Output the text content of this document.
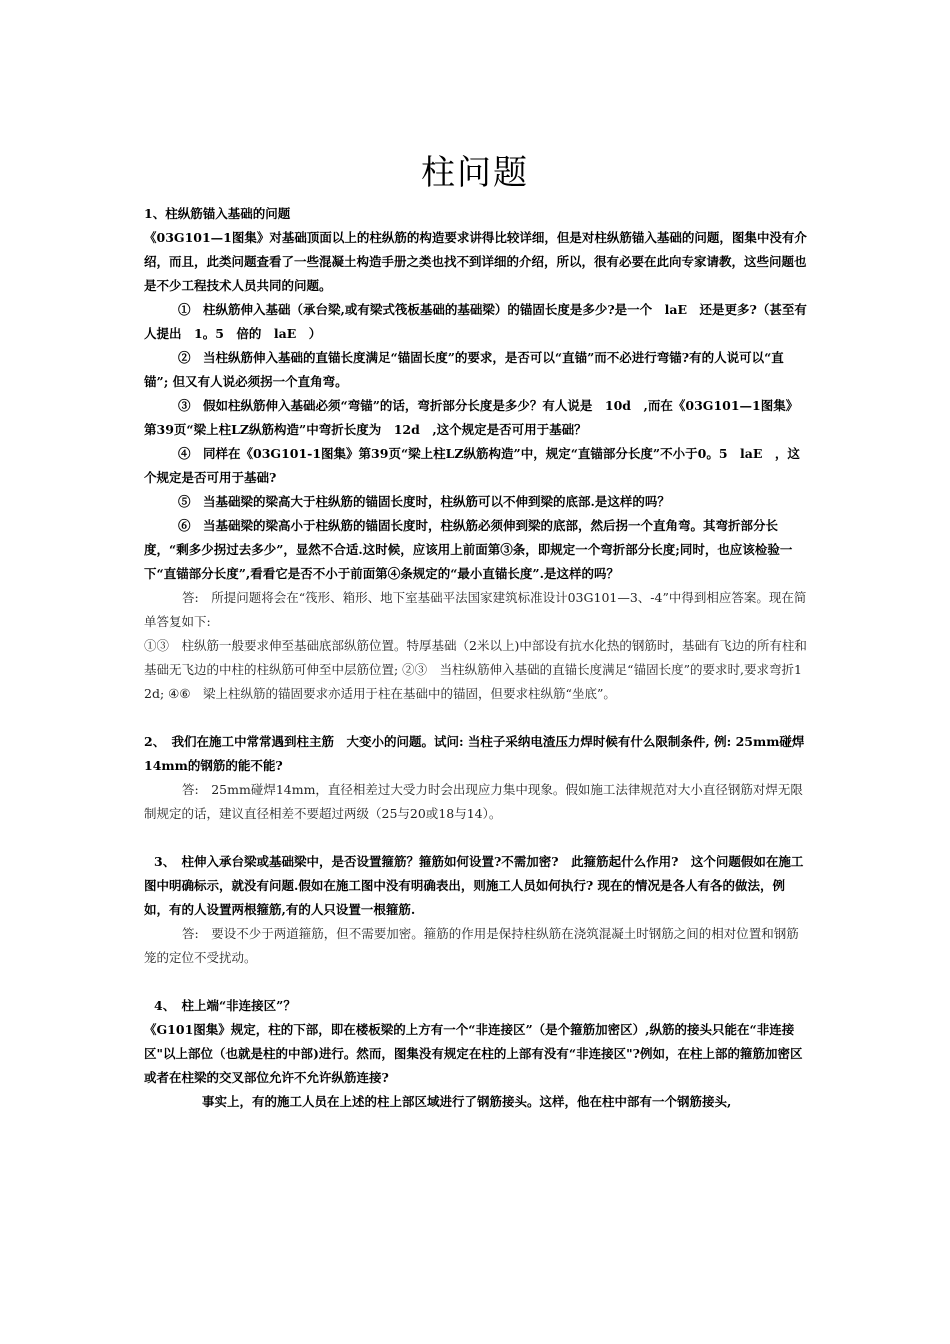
柱问题

1、柱纵筋锚入基础的问题

《03G101—1图集》对基础顶面以上的柱纵筋的构造要求讲得比较详细，但是对柱纵筋锚入基础的问题，图集中没有介绍，而且，此类问题查看了一些混凝土构造手册之类也找不到详细的介绍，所以，很有必要在此向专家请教，这些问题也是不少工程技术人员共同的问题。

①　柱纵筋伸入基础（承台梁,或有梁式筏板基础的基础梁）的锚固长度是多少?是一个　laE　还是更多?（甚至有人提出　1。5　倍的　laE　）

②　当柱纵筋伸入基础的直锚长度满足“锚固长度”的要求，是否可以“直锚”而不必进行弯锚?有的人说可以“直锚”; 但又有人说必须拐一个直角弯。

③　假如柱纵筋伸入基础必须“弯锚”的话，弯折部分长度是多少？有人说是　10d　,而在《03G101—1图集》第39页“梁上柱LZ纵筋构造”中弯折长度为　12d　,这个规定是否可用于基础？

④　同样在《03G101-1图集》第39页“梁上柱LZ纵筋构造”中，规定“直锚部分长度”不小于0。5　laE　，这个规定是否可用于基础?

⑤　当基础梁的梁高大于柱纵筋的锚固长度时，柱纵筋可以不伸到梁的底部.是这样的吗？

⑥　当基础梁的梁高小于柱纵筋的锚固长度时，柱纵筋必须伸到梁的底部，然后拐一个直角弯。其弯折部分长度，“剩多少拐过去多少”，显然不合适.这时候，应该用上前面第③条，即规定一个弯折部分长度;同时，也应该检验一下“直锚部分长度”,看看它是否不小于前面第④条规定的“最小直锚长度”.是这样的吗？

答:　所提问题将会在“筏形、箱形、地下室基础平法国家建筑标准设计03G101—3、-4”中得到相应答案。现在简单答复如下:

①③　柱纵筋一般要求伸至基础底部纵筋位置。特厚基础（2米以上)中部设有抗水化热的钢筋时，基础有飞边的所有柱和基础无飞边的中柱的柱纵筋可伸至中层筋位置; ②③　当柱纵筋伸入基础的直锚长度满足“锚固长度”的要求时,要求弯折12d; ④⑥　梁上柱纵筋的锚固要求亦适用于柱在基础中的锚固，但要求柱纵筋“坐底”。

2、　我们在施工中常常遇到柱主筋　大变小的问题。试问: 当柱子采纳电渣压力焊时候有什么限制条件, 例: 25mm碰焊14mm的钢筋的能不能?

答:　25mm碰焊14mm，直径相差过大受力时会出现应力集中现象。假如施工法律规范对大小直径钢筋对焊无限制规定的话，建议直径相差不要超过两级（25与20或18与14）。

3、　柱伸入承台梁或基础梁中，是否设置箍筋？箍筋如何设置?不需加密?　此箍筋起什么作用?　这个问题假如在施工图中明确标示，就没有问题.假如在施工图中没有明确表出，则施工人员如何执行? 现在的情况是各人有各的做法，例如，有的人设置两根箍筋,有的人只设置一根箍筋.

答:　要设不少于两道箍筋，但不需要加密。箍筋的作用是保持柱纵筋在浇筑混凝土时钢筋之间的相对位置和钢筋笼的定位不受扰动。

4、　柱上端“非连接区”？

《G101图集》规定，柱的下部，即在楼板梁的上方有一个“非连接区”（是个箍筋加密区）,纵筋的接头只能在“非连接区"以上部位（也就是柱的中部)进行。然而，图集没有规定在柱的上部有没有“非连接区"?例如，在柱上部的箍筋加密区或者在柱梁的交叉部位允许不允许纵筋连接?

事实上，有的施工人员在上述的柱上部区域进行了钢筋接头。这样，他在柱中部有一个钢筋接头,
